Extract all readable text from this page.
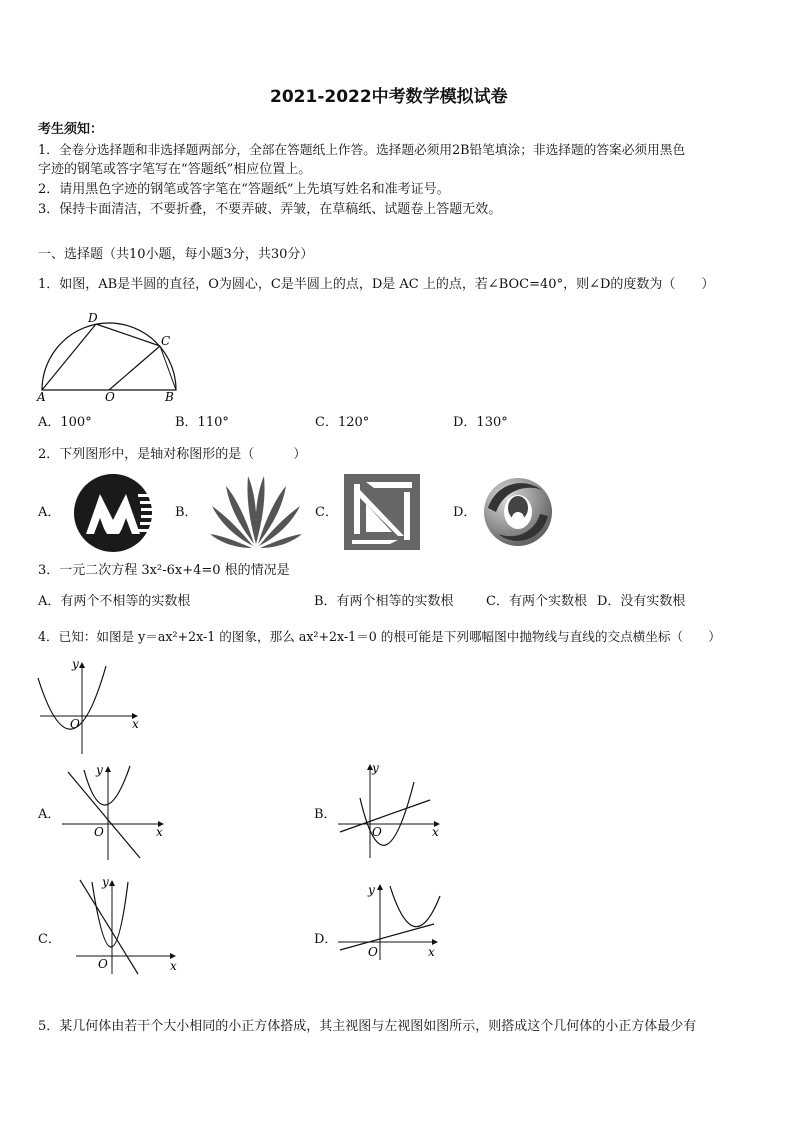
2021-2022中考数学模拟试卷
考生须知：
1．全卷分选择题和非选择题两部分，全部在答题纸上作答。选择题必须用2B铅笔填涂；非选择题的答案必须用黑色
字迹的钢笔或答字笔写在“答题纸”相应位置上。
2．请用黑色字迹的钢笔或答字笔在“答题纸”上先填写姓名和准考证号。
3．保持卡面清洁，不要折叠，不要弄破、弄皱，在草稿纸、试题卷上答题无效。
一、选择题（共10小题，每小题3分，共30分）
1．如图，AB是半圆的直径，O为圆心，C是半圆上的点，D是 AC 上的点，若∠BOC=40°，则∠D的度数为（　　）
D
C
A	O	B
A．100°	B．110°	C．120°	D．130°
2．下列图形中，是轴对称图形的是（　　　）
A．	B．	C．	D．
3．一元二次方程 3x²-6x+4=0 根的情况是
A．有两个不相等的实数根	B．有两个相等的实数根 C．有两个实数根 D．没有实数根
4．已知：如图是 y＝ax²+2x-1 的图象，那么 ax²+2x-1＝0 的根可能是下列哪幅图中抛物线与直线的交点横坐标（　　）
y
x
O
A．
y
x
O
B．
y
x
O
C．
y
x
O
D．
y
x
O
5．某几何体由若干个大小相同的小正方体搭成，其主视图与左视图如图所示，则搭成这个几何体的小正方体最少有
